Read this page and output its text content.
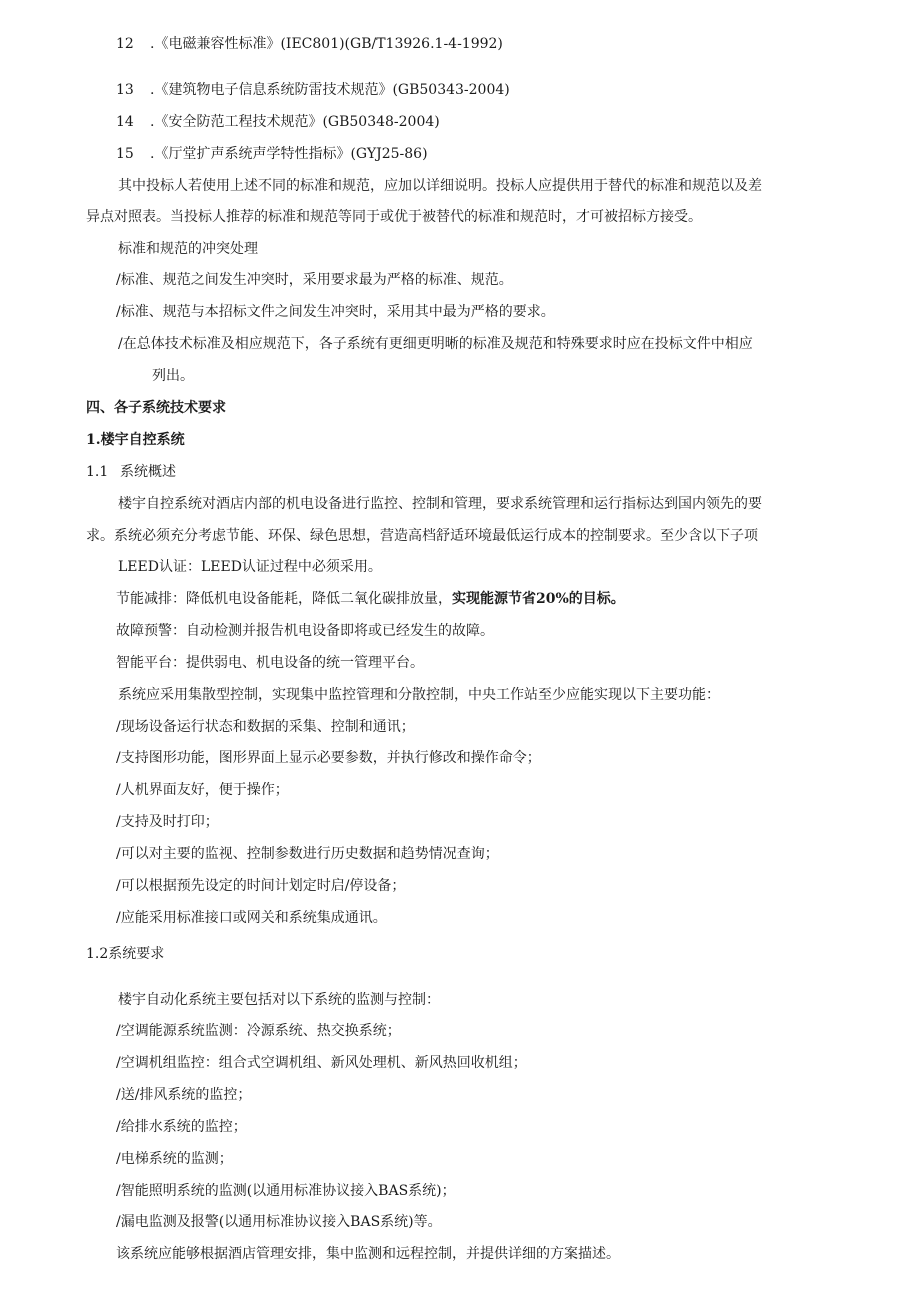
12 .《电磁兼容性标准》(IEC801)(GB/T13926.1-4-1992)
13 .《建筑物电子信息系统防雷技术规范》(GB50343-2004)
14 .《安全防范工程技术规范》(GB50348-2004)
15 .《厅堂扩声系统声学特性指标》(GYJ25-86)
其中投标人若使用上述不同的标准和规范，应加以详细说明。投标人应提供用于替代的标准和规范以及差
异点对照表。当投标人推荐的标准和规范等同于或优于被替代的标准和规范时，才可被招标方接受。
标准和规范的冲突处理
/标准、规范之间发生冲突时，采用要求最为严格的标准、规范。
/标准、规范与本招标文件之间发生冲突时，采用其中最为严格的要求。
/在总体技术标准及相应规范下，各子系统有更细更明晰的标准及规范和特殊要求时应在投标文件中相应
列出。
四、各子系统技术要求
1.楼宇自控系统
1.1 系统概述
楼宇自控系统对酒店内部的机电设备进行监控、控制和管理，要求系统管理和运行指标达到国内领先的要
求。系统必须充分考虑节能、环保、绿色思想，营造高档舒适环境最低运行成本的控制要求。至少含以下子项
LEED认证：LEED认证过程中必须采用。
节能减排：降低机电设备能耗，降低二氧化碳排放量，实现能源节省20%的目标。
故障预警：自动检测并报告机电设备即将或已经发生的故障。
智能平台：提供弱电、机电设备的统一管理平台。
系统应采用集散型控制，实现集中监控管理和分散控制，中央工作站至少应能实现以下主要功能：
/现场设备运行状态和数据的采集、控制和通讯；
/支持图形功能，图形界面上显示必要参数，并执行修改和操作命令；
/人机界面友好，便于操作；
/支持及时打印；
/可以对主要的监视、控制参数进行历史数据和趋势情况查询；
/可以根据预先设定的时间计划定时启/停设备；
/应能采用标准接口或网关和系统集成通讯。
1.2系统要求
楼宇自动化系统主要包括对以下系统的监测与控制：
/空调能源系统监测：冷源系统、热交换系统；
/空调机组监控：组合式空调机组、新风处理机、新风热回收机组；
/送/排风系统的监控；
/给排水系统的监控；
/电梯系统的监测；
/智能照明系统的监测(以通用标准协议接入BAS系统)；
/漏电监测及报警(以通用标准协议接入BAS系统)等。
该系统应能够根据酒店管理安排，集中监测和远程控制，并提供详细的方案描述。
